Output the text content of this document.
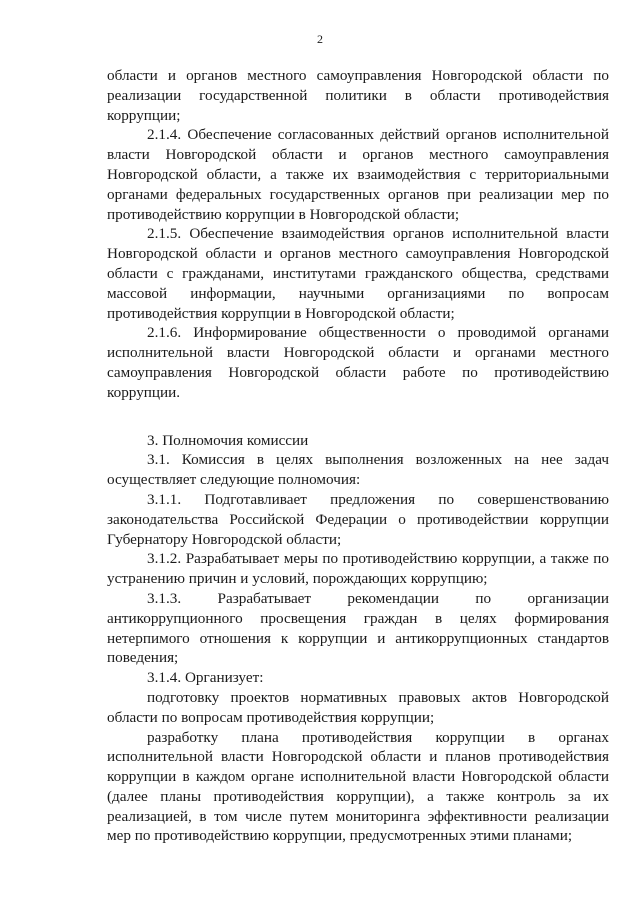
2

области и органов местного самоуправления Новгородской области по реализации государственной политики в области противодействия коррупции;

2.1.4. Обеспечение согласованных действий органов исполнительной власти Новгородской области и органов местного самоуправления Новгородской области, а также их взаимодействия с территориальными органами федеральных государственных органов при реализации мер по противодействию коррупции в Новгородской области;

2.1.5. Обеспечение взаимодействия органов исполнительной власти Новгородской области и органов местного самоуправления Новгородской области с гражданами, институтами гражданского общества, средствами массовой информации, научными организациями по вопросам противодействия коррупции в Новгородской области;

2.1.6. Информирование общественности о проводимой органами исполнительной власти Новгородской области и органами местного самоуправления Новгородской области работе по противодействию коррупции.

3. Полномочия комиссии

3.1. Комиссия в целях выполнения возложенных на нее задач осуществляет следующие полномочия:

3.1.1. Подготавливает предложения по совершенствованию законодательства Российской Федерации о противодействии коррупции Губернатору Новгородской области;

3.1.2. Разрабатывает меры по противодействию коррупции, а также по устранению причин и условий, порождающих коррупцию;

3.1.3. Разрабатывает рекомендации по организации антикоррупционного просвещения граждан в целях формирования нетерпимого отношения к коррупции и антикоррупционных стандартов поведения;

3.1.4. Организует:

подготовку проектов нормативных правовых актов Новгородской области по вопросам противодействия коррупции;

разработку плана противодействия коррупции в органах исполнительной власти Новгородской области и планов противодействия коррупции в каждом органе исполнительной власти Новгородской области (далее планы противодействия коррупции), а также контроль за их реализацией, в том числе путем мониторинга эффективности реализации мер по противодействию коррупции, предусмотренных этими планами;
